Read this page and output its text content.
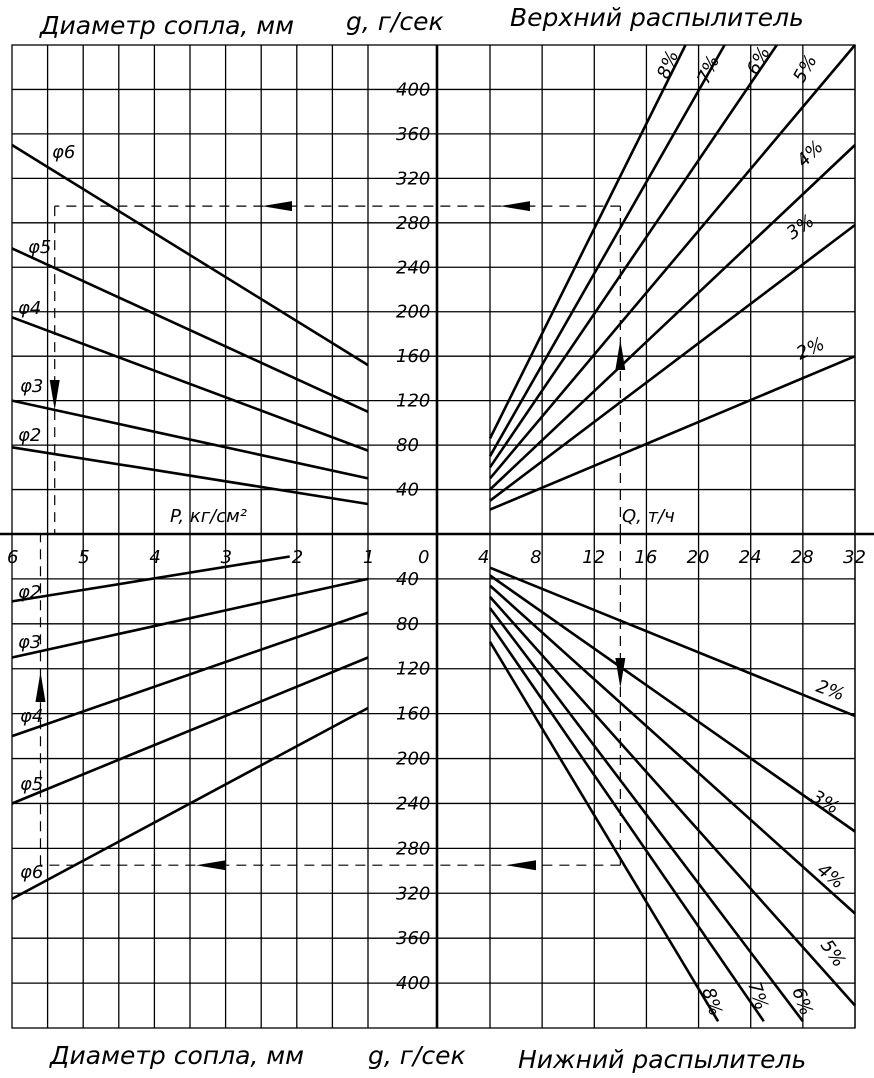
Диаметр сопла, мм g, г/сек	Верхний распылитель
Диаметр сопла, мм	g, г/сек Нижний распылитель
P, кг/см²	Q, т/ч
0
40
40
80
80
120
120
160
160
200
200
240
240
280
280
320
320
360
360
400
400
6	5	4	3	2	1	4 8 12 16 20 24 28 32
2%
3%
4%
5%
6%
7%
8%
2%
3%
4%
5%
6%
7%
8%
φ6
φ5
φ4
φ3
φ2
φ2
φ3
φ4
φ5
φ6
